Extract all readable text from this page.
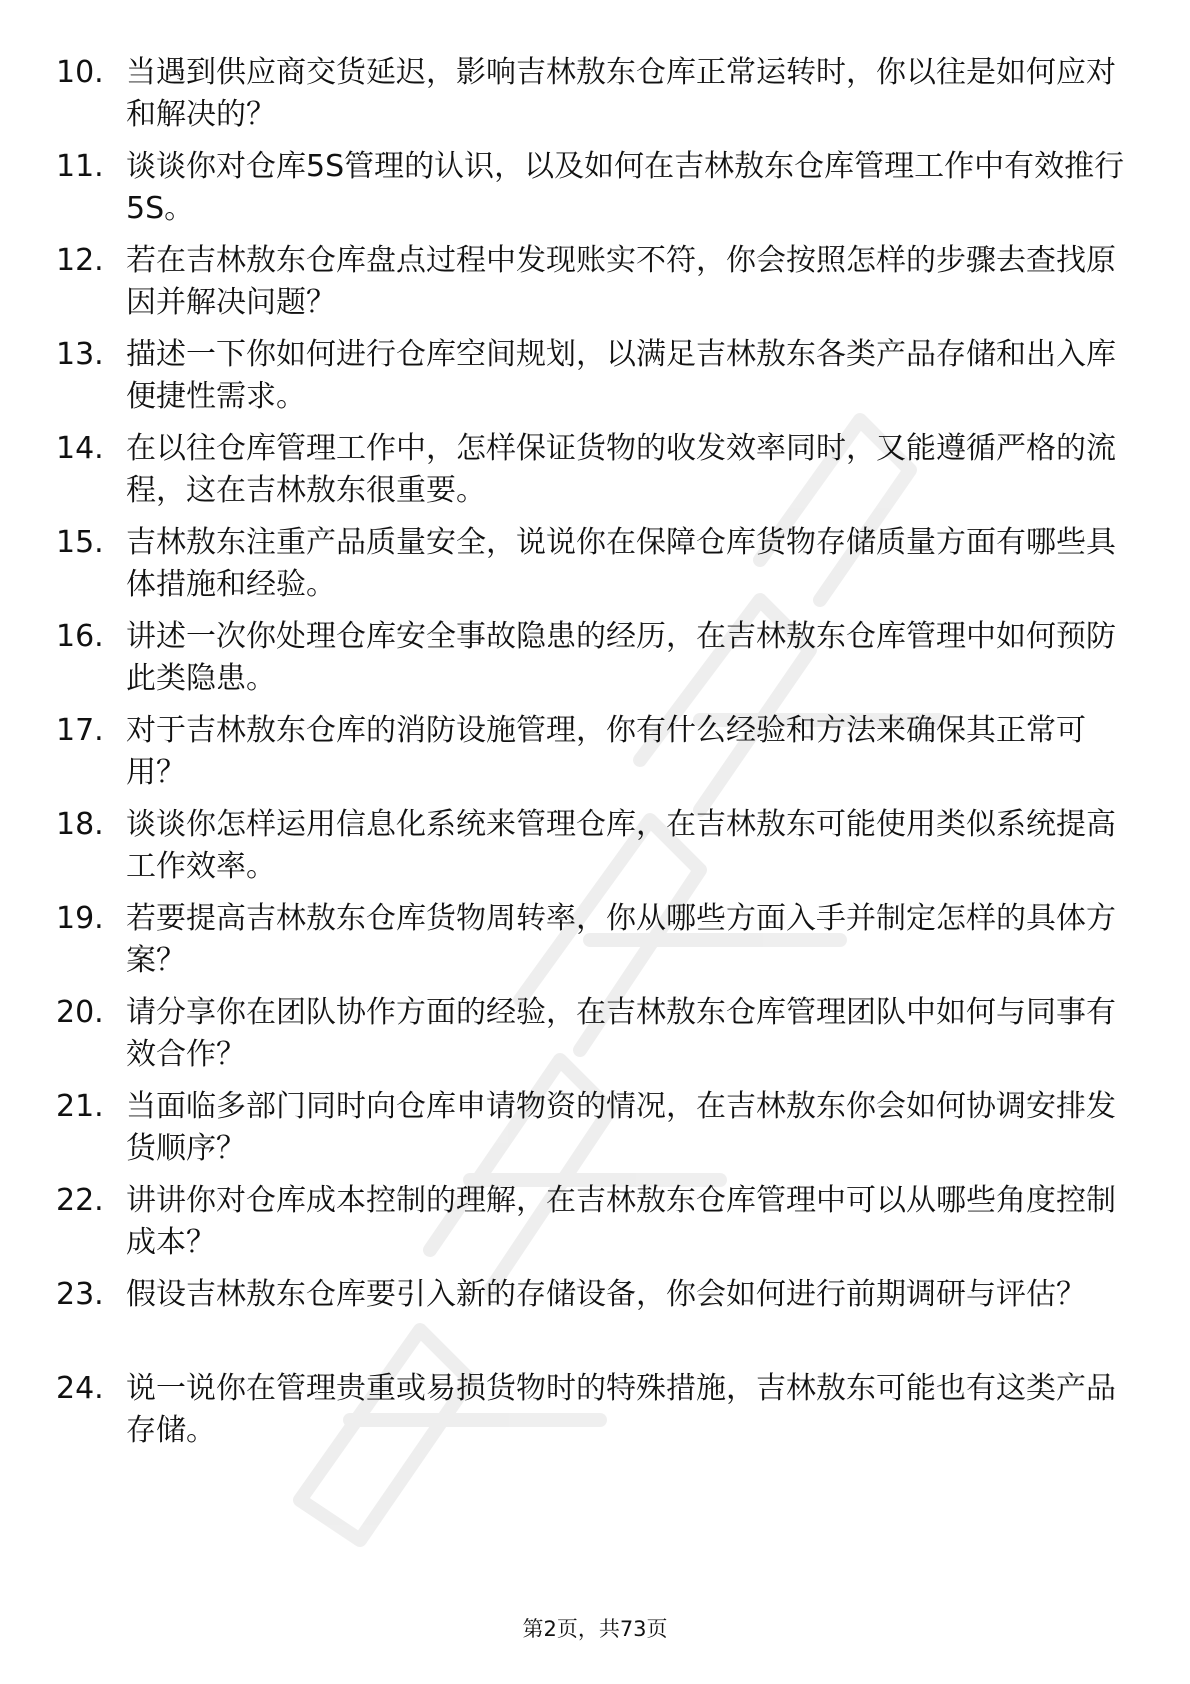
10. 当遇到供应商交货延迟，影响吉林敖东仓库正常运转时，你以往是如何应对和解决的？
11. 谈谈你对仓库5S管理的认识，以及如何在吉林敖东仓库管理工作中有效推行5S。
12. 若在吉林敖东仓库盘点过程中发现账实不符，你会按照怎样的步骤去查找原因并解决问题？
13. 描述一下你如何进行仓库空间规划，以满足吉林敖东各类产品存储和出入库便捷性需求。
14. 在以往仓库管理工作中，怎样保证货物的收发效率同时，又能遵循严格的流程，这在吉林敖东很重要。
15. 吉林敖东注重产品质量安全，说说你在保障仓库货物存储质量方面有哪些具体措施和经验。
16. 讲述一次你处理仓库安全事故隐患的经历，在吉林敖东仓库管理中如何预防此类隐患。
17. 对于吉林敖东仓库的消防设施管理，你有什么经验和方法来确保其正常可用？
18. 谈谈你怎样运用信息化系统来管理仓库，在吉林敖东可能使用类似系统提高工作效率。
19. 若要提高吉林敖东仓库货物周转率，你从哪些方面入手并制定怎样的具体方案？
20. 请分享你在团队协作方面的经验，在吉林敖东仓库管理团队中如何与同事有效合作？
21. 当面临多部门同时向仓库申请物资的情况，在吉林敖东你会如何协调安排发货顺序？
22. 讲讲你对仓库成本控制的理解，在吉林敖东仓库管理中可以从哪些角度控制成本？
23. 假设吉林敖东仓库要引入新的存储设备，你会如何进行前期调研与评估？
24. 说一说你在管理贵重或易损货物时的特殊措施，吉林敖东可能也有这类产品存储。
第2页，共73页
